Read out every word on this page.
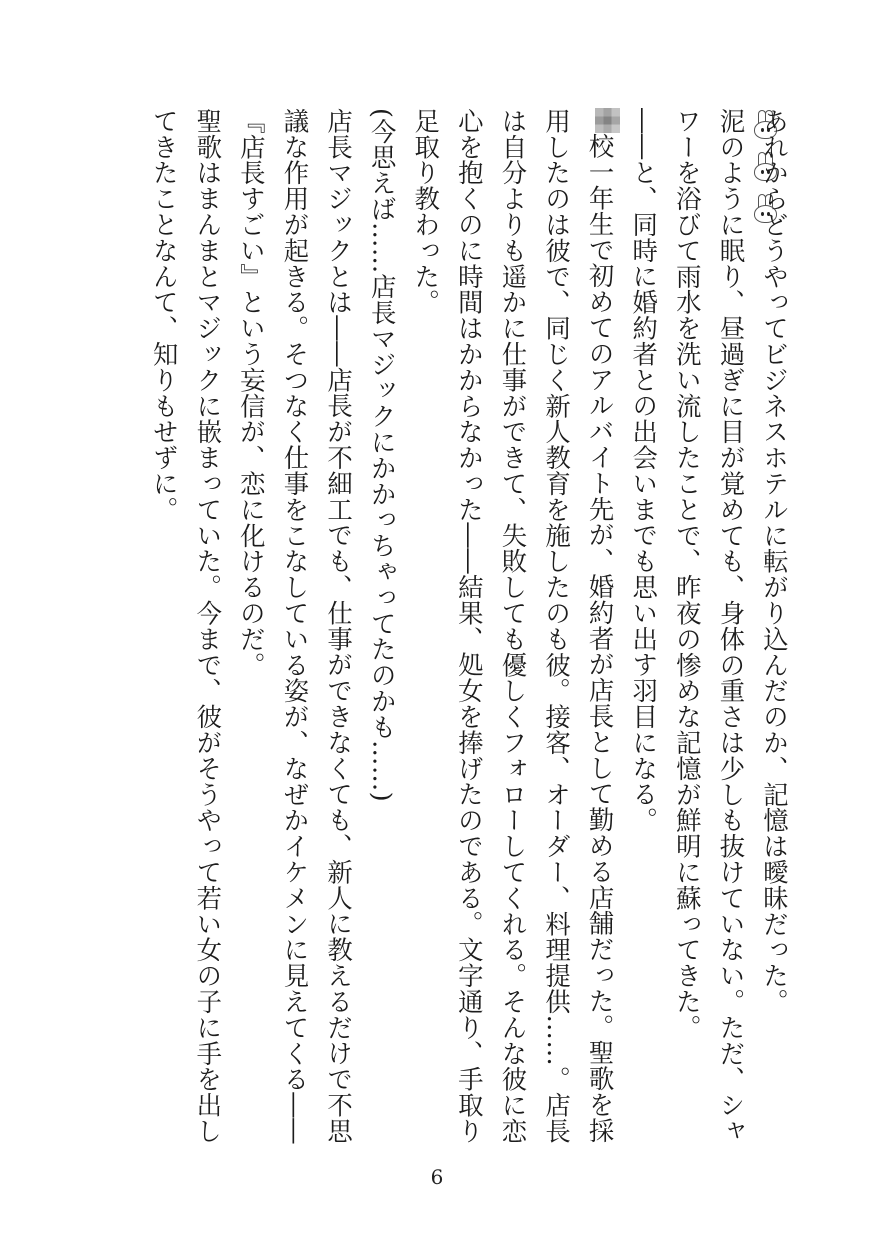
あれからどうやってビジネスホテルに転がり込んだのか、記憶は曖昧だった。

泥のように眠り、昼過ぎに目が覚めても、身体の重さは少しも抜けていない。ただ、シャワーを浴びて雨水を洗い流したことで、昨夜の惨めな記憶が鮮明に蘇ってきた。

――と、同時に婚約者との出会いまでも思い出す羽目になる。

校一年生で初めてのアルバイト先が、婚約者が店長として勤める店舗だった。聖歌を採用したのは彼で、同じく新人教育を施したのも彼。接客、オーダー、料理提供……。店長は自分よりも遥かに仕事ができて、失敗しても優しくフォローしてくれる。そんな彼に恋心を抱くのに時間はかからなかった――結果、処女を捧げたのである。文字通り、手取り足取り教わった。

(今思えば……店長マジックにかかっちゃってたのかも……)

店長マジックとは――店長が不細工でも、仕事ができなくても、新人に教えるだけで不思議な作用が起きる。そつなく仕事をこなしている姿が、なぜかイケメンに見えてくる――『店長すごい』という妄信が、恋に化けるのだ。

聖歌はまんまとマジックに嵌まっていた。今まで、彼がそうやって若い女の子に手を出してきたことなんて、知りもせずに。

6
